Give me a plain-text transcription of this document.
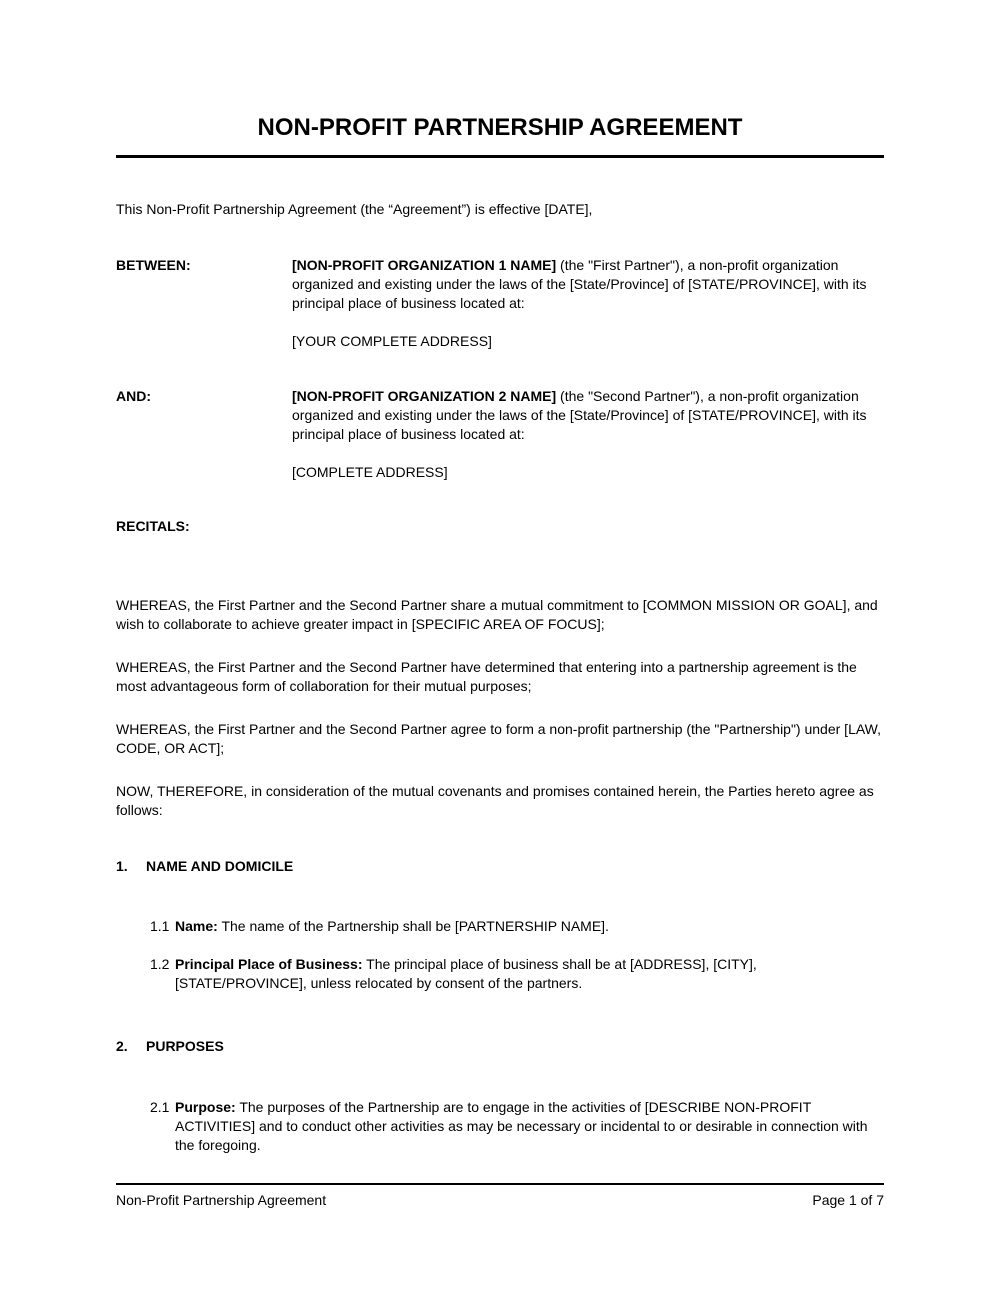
NON-PROFIT PARTNERSHIP AGREEMENT

This Non-Profit Partnership Agreement (the “Agreement”) is effective [DATE],

BETWEEN:	[NON-PROFIT ORGANIZATION 1 NAME] (the "First Partner"), a non-profit organization organized and existing under the laws of the [State/Province] of [STATE/PROVINCE], with its principal place of business located at:

[YOUR COMPLETE ADDRESS]

AND:	[NON-PROFIT ORGANIZATION 2 NAME] (the "Second Partner"), a non-profit organization organized and existing under the laws of the [State/Province] of [STATE/PROVINCE], with its principal place of business located at:

[COMPLETE ADDRESS]

RECITALS:

WHEREAS, the First Partner and the Second Partner share a mutual commitment to [COMMON MISSION OR GOAL], and wish to collaborate to achieve greater impact in [SPECIFIC AREA OF FOCUS];

WHEREAS, the First Partner and the Second Partner have determined that entering into a partnership agreement is the most advantageous form of collaboration for their mutual purposes;

WHEREAS, the First Partner and the Second Partner agree to form a non-profit partnership (the "Partnership") under [LAW, CODE, OR ACT];

NOW, THEREFORE, in consideration of the mutual covenants and promises contained herein, the Parties hereto agree as follows:

1.	NAME AND DOMICILE
1.1 Name: The name of the Partnership shall be [PARTNERSHIP NAME].

1.2 Principal Place of Business: The principal place of business shall be at [ADDRESS], [CITY], [STATE/PROVINCE], unless relocated by consent of the partners.

2.	PURPOSES
2.1 Purpose: The purposes of the Partnership are to engage in the activities of [DESCRIBE NON-PROFIT ACTIVITIES] and to conduct other activities as may be necessary or incidental to or desirable in connection with the foregoing.

Non-Profit Partnership Agreement	Page 1 of 7
